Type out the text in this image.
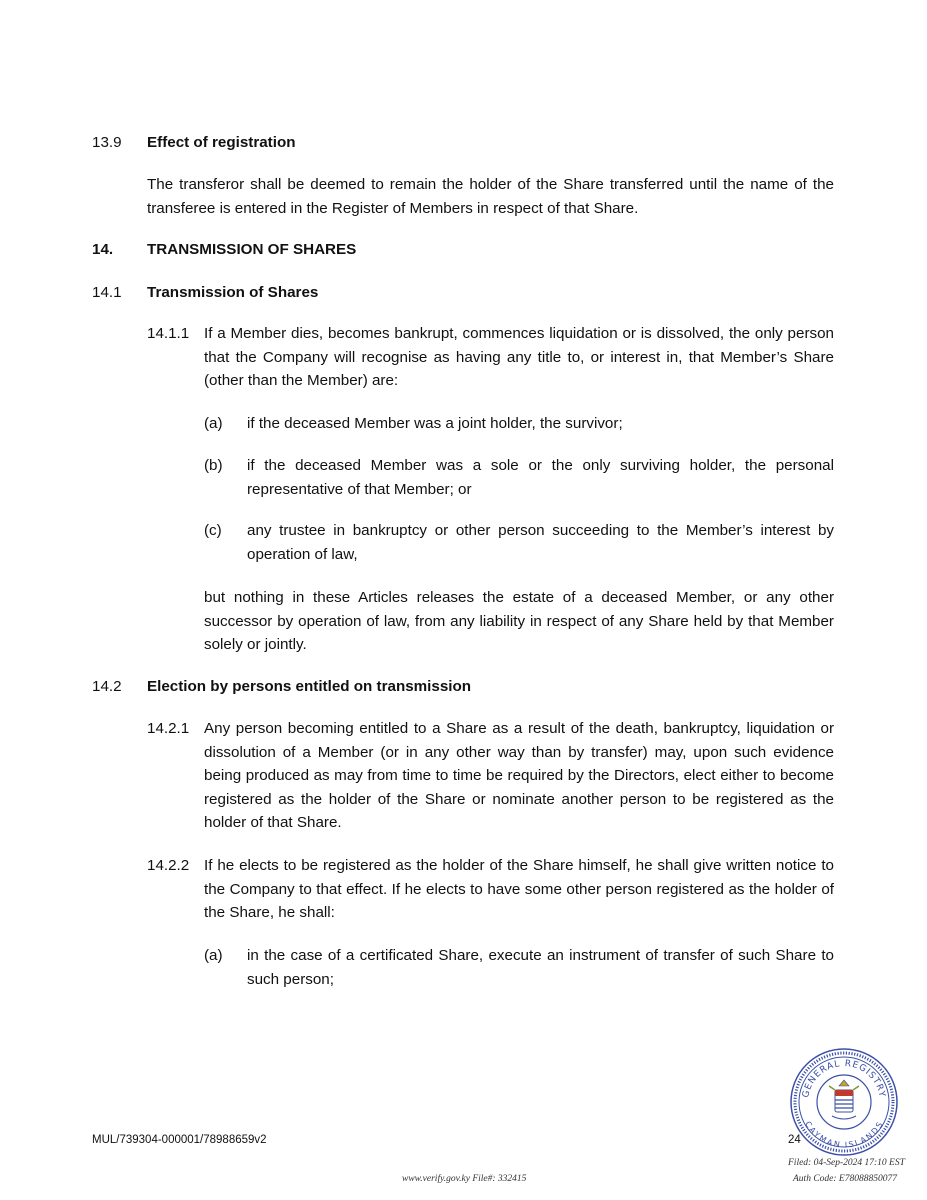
13.9 Effect of registration
The transferor shall be deemed to remain the holder of the Share transferred until the name of the transferee is entered in the Register of Members in respect of that Share.
14. TRANSMISSION OF SHARES
14.1 Transmission of Shares
14.1.1 If a Member dies, becomes bankrupt, commences liquidation or is dissolved, the only person that the Company will recognise as having any title to, or interest in, that Member’s Share (other than the Member) are:
(a) if the deceased Member was a joint holder, the survivor;
(b) if the deceased Member was a sole or the only surviving holder, the personal representative of that Member; or
(c) any trustee in bankruptcy or other person succeeding to the Member’s interest by operation of law,
but nothing in these Articles releases the estate of a deceased Member, or any other successor by operation of law, from any liability in respect of any Share held by that Member solely or jointly.
14.2 Election by persons entitled on transmission
14.2.1 Any person becoming entitled to a Share as a result of the death, bankruptcy, liquidation or dissolution of a Member (or in any other way than by transfer) may, upon such evidence being produced as may from time to time be required by the Directors, elect either to become registered as the holder of the Share or nominate another person to be registered as the holder of that Share.
14.2.2 If he elects to be registered as the holder of the Share himself, he shall give written notice to the Company to that effect. If he elects to have some other person registered as the holder of the Share, he shall:
(a) in the case of a certificated Share, execute an instrument of transfer of such Share to such person;
MUL/739304-000001/78988659v2	24
www.verify.gov.ky File#: 332415
Filed: 04-Sep-2024 17:10 EST
Auth Code: E78088850077
GENERAL REGISTRY
CAYMAN ISLANDS
